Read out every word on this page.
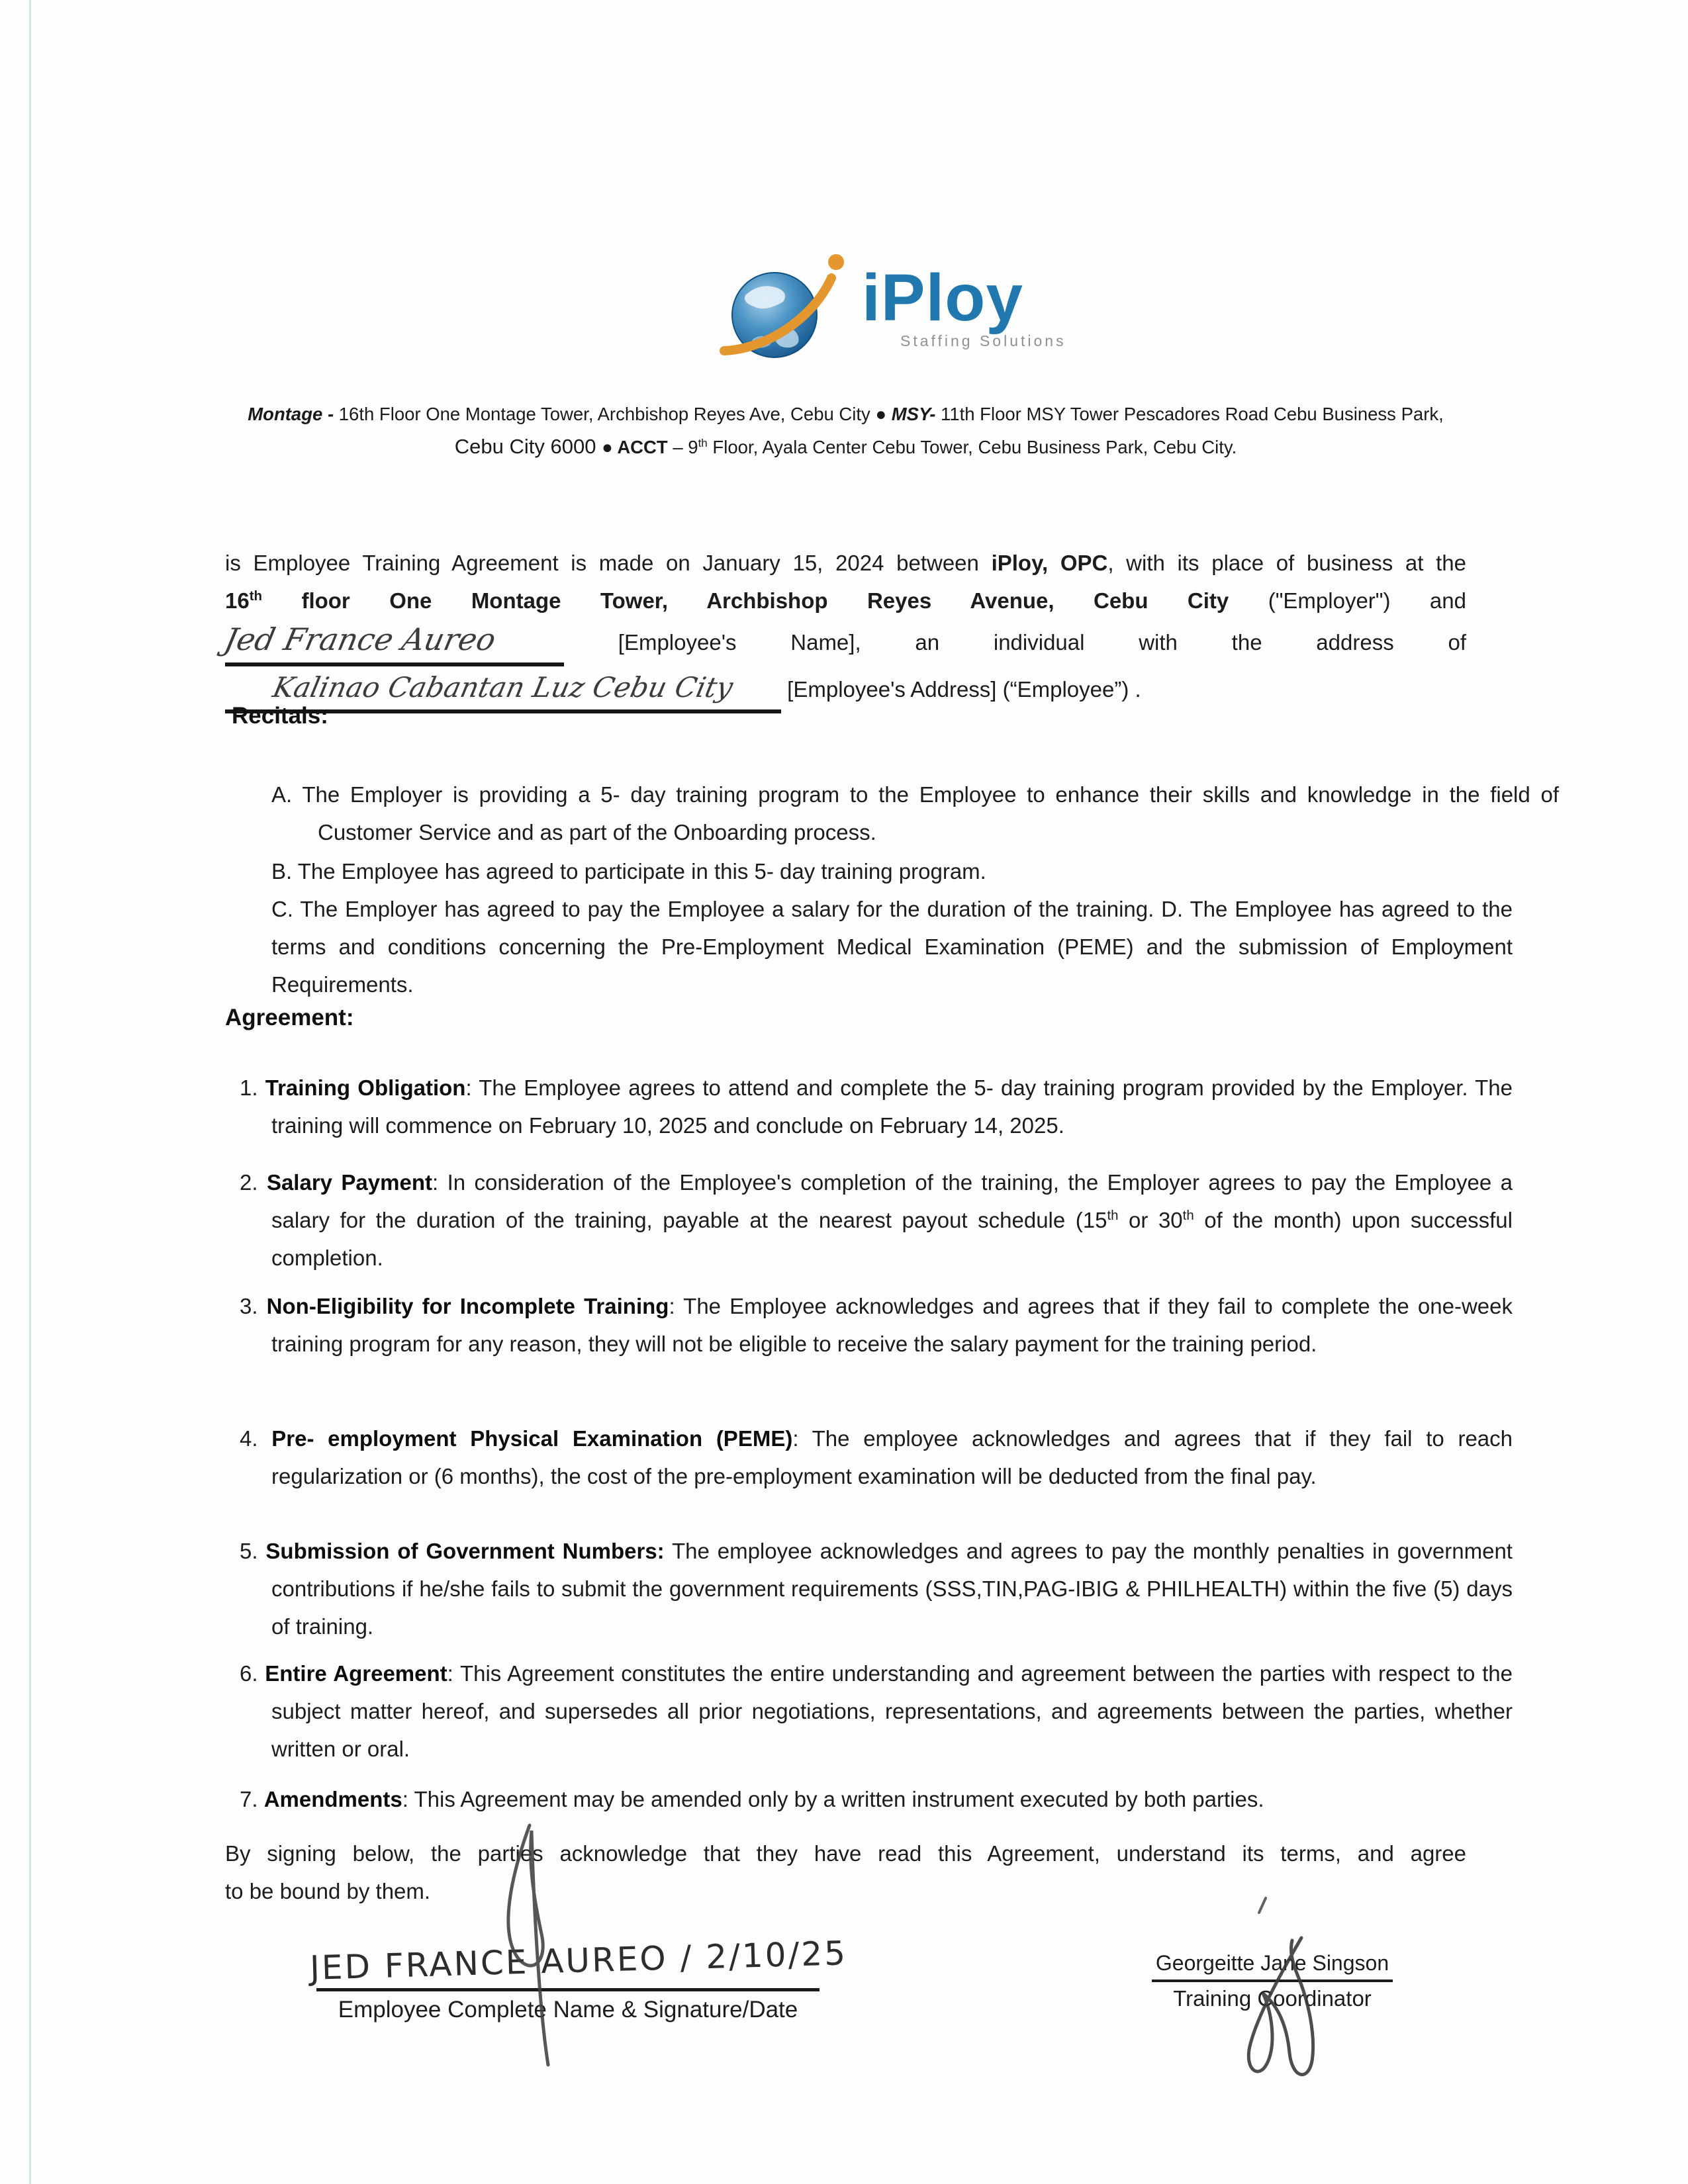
iPloy
Staffing Solutions
Montage - 16th Floor One Montage Tower, Archbishop Reyes Ave, Cebu City ● MSY- 11th Floor MSY Tower Pescadores Road Cebu Business Park, Cebu City 6000 ● ACCT – 9th Floor, Ayala Center Cebu Tower, Cebu Business Park, Cebu City.
is Employee Training Agreement is made on January 15, 2024 between iPloy, OPC, with its place of business at the
16th floor One Montage Tower, Archbishop Reyes Avenue, Cebu City ("Employer") and
Jed France Aureo	[Employee's Name], an individual with the address of
Kalinao Cabantan Luz Cebu City [Employee's Address] (“Employee”) .
Recitals:
A. The Employer is providing a 5- day training program to the Employee to enhance their skills and knowledge in the field of Customer Service and as part of the Onboarding process.
B. The Employee has agreed to participate in this 5- day training program.
C. The Employer has agreed to pay the Employee a salary for the duration of the training. D. The Employee has agreed to the terms and conditions concerning the Pre-Employment Medical Examination (PEME) and the submission of Employment Requirements.
Agreement:
1. Training Obligation: The Employee agrees to attend and complete the 5- day training program provided by the Employer. The training will commence on February 10, 2025 and conclude on February 14, 2025.
2. Salary Payment: In consideration of the Employee's completion of the training, the Employer agrees to pay the Employee a salary for the duration of the training, payable at the nearest payout schedule (15th or 30th of the month) upon successful completion.
3. Non-Eligibility for Incomplete Training: The Employee acknowledges and agrees that if they fail to complete the one-week training program for any reason, they will not be eligible to receive the salary payment for the training period.
4. Pre- employment Physical Examination (PEME): The employee acknowledges and agrees that if they fail to reach regularization or (6 months), the cost of the pre-employment examination will be deducted from the final pay.
5. Submission of Government Numbers: The employee acknowledges and agrees to pay the monthly penalties in government contributions if he/she fails to submit the government requirements (SSS,TIN,PAG-IBIG & PHILHEALTH) within the five (5) days of training.
6. Entire Agreement: This Agreement constitutes the entire understanding and agreement between the parties with respect to the subject matter hereof, and supersedes all prior negotiations, representations, and agreements between the parties, whether written or oral.
7. Amendments: This Agreement may be amended only by a written instrument executed by both parties.
By signing below, the parties acknowledge that they have read this Agreement, understand its terms, and agree
to be bound by them.
JED FRANCE AUREO / 2/10/25
Employee Complete Name & Signature/Date
Georgeitte Jane Singson
Training Coordinator
